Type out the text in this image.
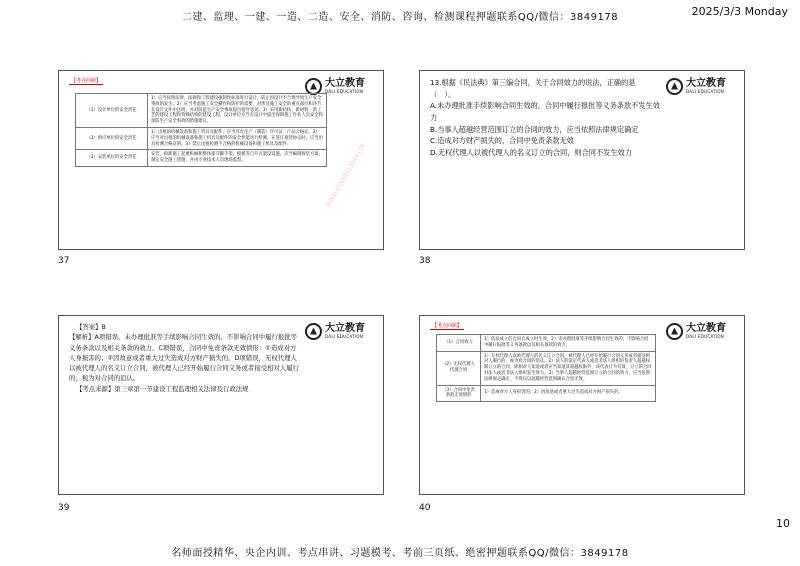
二建、监理、一建、一造、二造、安全、消防、咨询、检测课程押题联系QQ/微信：3849178	2025/3/3 Monday
【考点回顾】	大立教育
DALI EDUCATION
（1）设计单位的安全责任	1）应当按照法律、法规和工程建设强制性标准进行设计，防止因设计不合理导致生产安全事故的发生。2）应当考虑施工安全操作和防护的需要，对涉及施工安全的重点部位和环节在设计文件中注明，并对防范生产安全事故提出指导意见。3）采用新结构、新材料、新工艺的建设工程和特殊结构的建设工程，设计单位应当在设计中提出保障施工作业人员安全和预防生产安全事故的措施建议。
（2）供应单位的安全责任	1）出租的机械设备和施工机具及配件，应当具有生产（制造）许可证、产品合格证。2）应当对出租的机械设备和施工机具及配件的安全性能进行检测，在签订租赁协议时，应当出具检测合格证明。3）禁止出租检测不合格的机械设备和施工机具及配件。
（3）安装单位的安全责任	安装、拆卸施工起重机械和整体提升脚手架、模板等自升式架设设施，应当编制拆装方案、制定安全施工措施，并由专业技术人员现场监督。	押题联系QQ微信3849178
37
大立教育
DALI EDUCATION
13.根据《民法典》第三编合同，关于合同效力的说法，正确的是（　）。
A.未办理批准手续影响合同生效的，合同中履行报批等义务条款不发生效力
B.当事人超越经营范围订立的合同的效力，应当依照法律规定确定
C.造成对方财产损失的，合同中免责条款无效
D.无权代理人以被代理人的名义订立的合同，则合同不发生效力
38
大立教育
DALI EDUCATION
【答案】B
【解析】A项错误，未办理批准等手续影响合同生效的，不影响合同中履行报批等义务条款以及相关条款的效力。C项错误，合同中免责条款无效情形：①造成对方人身损害的；②因故意或者重大过失造成对方财产损失的。D项错误，无权代理人以被代理人的名义订立合同，被代理人已经开始履行合同义务或者接受相对人履行的，视为对合同的追认。
【考点来源】第三章第一节建设工程监理相关法律及行政法规
39
【考点回顾】	大立教育
DALI EDUCATION
（1）合同效力	1）依法成立的合同自成立时生效。2）未办理批准等手续影响合同生效的，不影响合同中履行报批等义务条款以及相关条款的效力。
（2）无权代理人代理合同	1）无权代理人以被代理人的名义订立合同，被代理人已经开始履行合同义务或者接受相对人履行的，视为对合同的追认。2）法人的法定代表人或者非法人组织的负责人超越权限订立的合同，除相对人知道或者应当知道其超越权限外，该代表行为有效，订立的合同对法人或者非法人组织发生效力。3）当事人超越经营范围订立的合同的效力，应当依照法律规定确定，不得仅以超越经营范围确认合同无效。
（3）合同中免责条款无效情形	1）造成对方人身损害的；2）因故意或者重大过失造成对方财产损失的。
40
10
名师面授精华、央企内训、考点串讲、习题模考、考前三页纸、绝密押题联系QQ/微信：3849178
